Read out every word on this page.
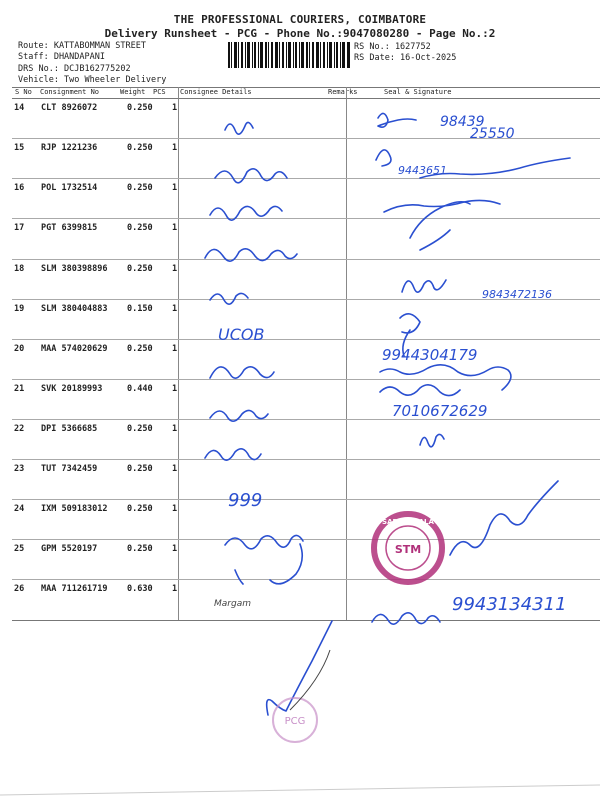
THE PROFESSIONAL COURIERS, COIMBATORE
Delivery Runsheet - PCG - Phone No.:9047080280 - Page No.:2
Route: KATTABOMMAN STREET
Staff: DHANDAPANI
DRS No.: DCJB162775202
Vehicle: Two Wheeler Delivery
RS No.: 1627752
RS Date: 16-Oct-2025
S No Consignment No	Weight PCS Consignee Details	Remarks	Seal & Signature
14 CLT 8926072	0.250 1
15 RJP 1221236	0.250 1
16 POL 1732514	0.250 1
17 PGT 6399815	0.250 1
18 SLM 380398896 0.250 1
19 SLM 380404883 0.150 1
20 MAA 574020629 0.250 1
21 SVK 20189993	0.440 1
22 DPI 5366685	0.250 1
23 TUT 7342459	0.250 1
24 IXM 509183012 0.250 1
25 GPM 5520197	0.250 1
26 MAA 711261719 0.630 1
98439
25550
9443651
9843472136
UCOB
9944304179
7010672629
999
9943134311
Margam
STM
SABARIWALA
PCG
